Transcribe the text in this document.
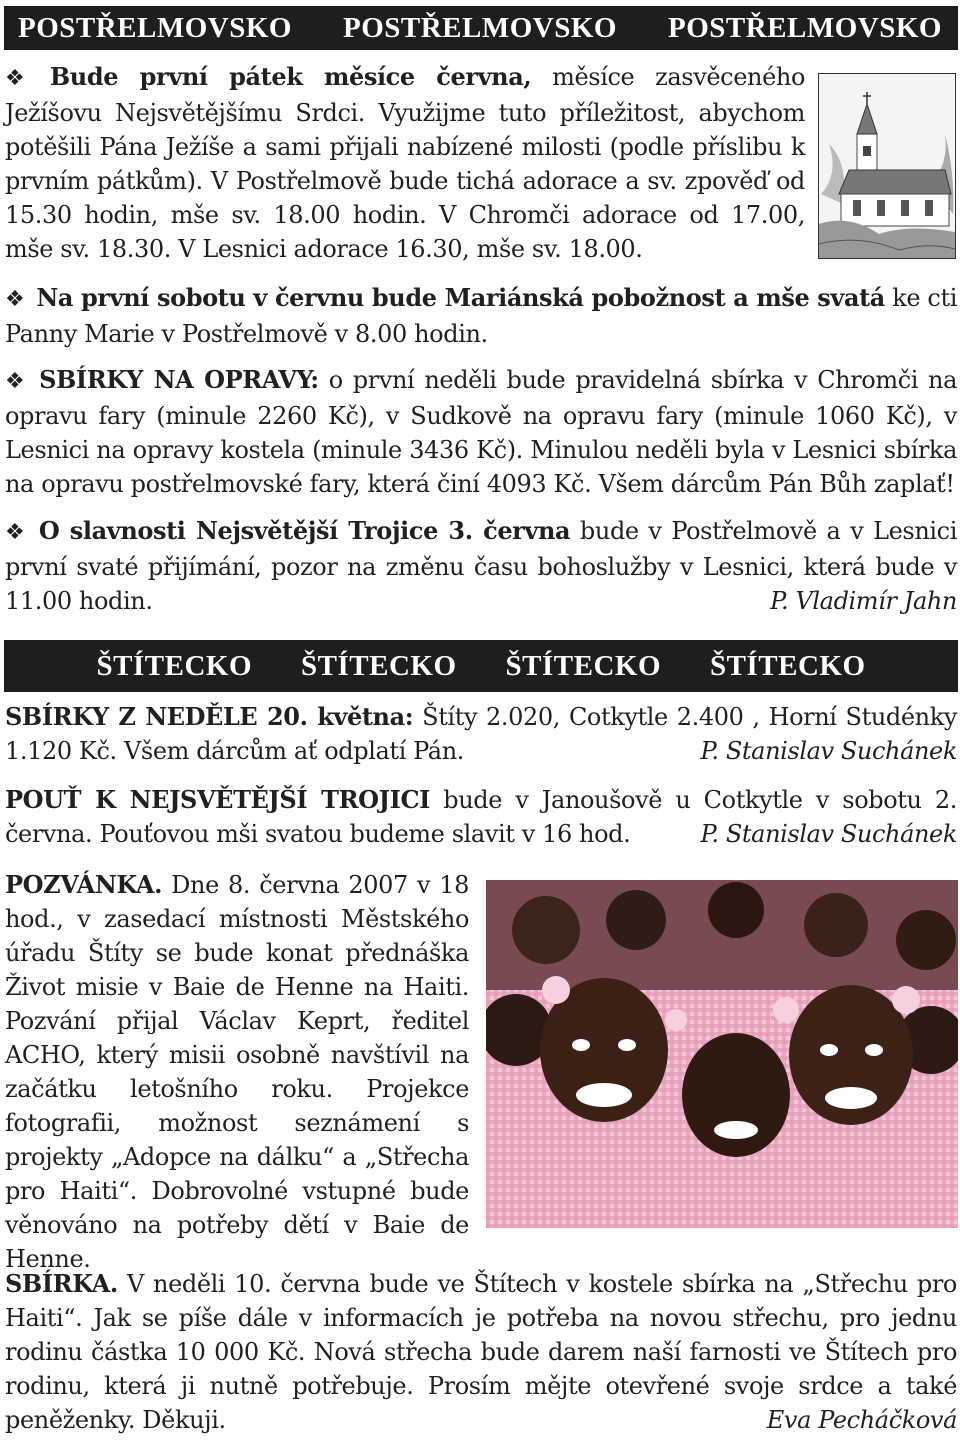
POSTŘELMOVSKO POSTŘELMOVSKO POSTŘELMOVSKO
❖ Bude první pátek měsíce června, měsíce zasvěceného Ježíšovu Nejsvětějšímu Srdci. Využijme tuto příležitost, abychom potěšili Pána Ježíše a sami přijali nabízené milosti (podle příslibu k prvním pátkům). V Postřelmově bude tichá adorace a sv. zpověď od 15.30 hodin, mše sv. 18.00 hodin. V Chromči adorace od 17.00, mše sv. 18.30. V Lesnici adorace 16.30, mše sv. 18.00.
❖ Na první sobotu v červnu bude Mariánská pobožnost a mše svatá ke cti Panny Marie v Postřelmově v 8.00 hodin.
❖ SBÍRKY NA OPRAVY: o první neděli bude pravidelná sbírka v Chromči na opravu fary (minule 2260 Kč), v Sudkově na opravu fary (minule 1060 Kč), v Lesnici na opravy kostela (minule 3436 Kč). Minulou neděli byla v Lesnici sbírka na opravu postřelmovské fary, která činí 4093 Kč. Všem dárcům Pán Bůh zaplať!
❖ O slavnosti Nejsvětější Trojice 3. června bude v Postřelmově a v Lesnici první svaté přijímání, pozor na změnu času bohoslužby v Lesnici, která bude v 11.00 hodin.	P. Vladimír Jahn
ŠTÍTECKO ŠTÍTECKO ŠTÍTECKO ŠTÍTECKO
SBÍRKY Z NEDĚLE 20. května: Štíty 2.020, Cotkytle 2.400 , Horní Studénky 1.120 Kč. Všem dárcům ať odplatí Pán.	P. Stanislav Suchánek
POUŤ K NEJSVĚTĚJŠÍ TROJICI bude v Janoušově u Cotkytle v sobotu 2. června. Pouťovou mši svatou budeme slavit v 16 hod.	P. Stanislav Suchánek
POZVÁNKA. Dne 8. června 2007 v 18 hod., v zasedací místnosti Městského úřadu Štíty se bude konat přednáška Život misie v Baie de Henne na Haiti. Pozvání přijal Václav Keprt, ředitel ACHO, který misii osobně navštívil na začátku letošního roku. Projekce fotografii, možnost seznámení s projekty „Adopce na dálku“ a „Střecha pro Haiti“. Dobrovolné vstupné bude věnováno na potřeby dětí v Baie de Henne.
SBÍRKA. V neděli 10. června bude ve Štítech v kostele sbírka na „Střechu pro Haiti“. Jak se píše dále v informacích je potřeba na novou střechu, pro jednu rodinu částka 10 000 Kč. Nová střecha bude darem naší farnosti ve Štítech pro rodinu, která ji nutně potřebuje. Prosím mějte otevřené svoje srdce a také peněženky. Děkuji.	Eva Pecháčková
